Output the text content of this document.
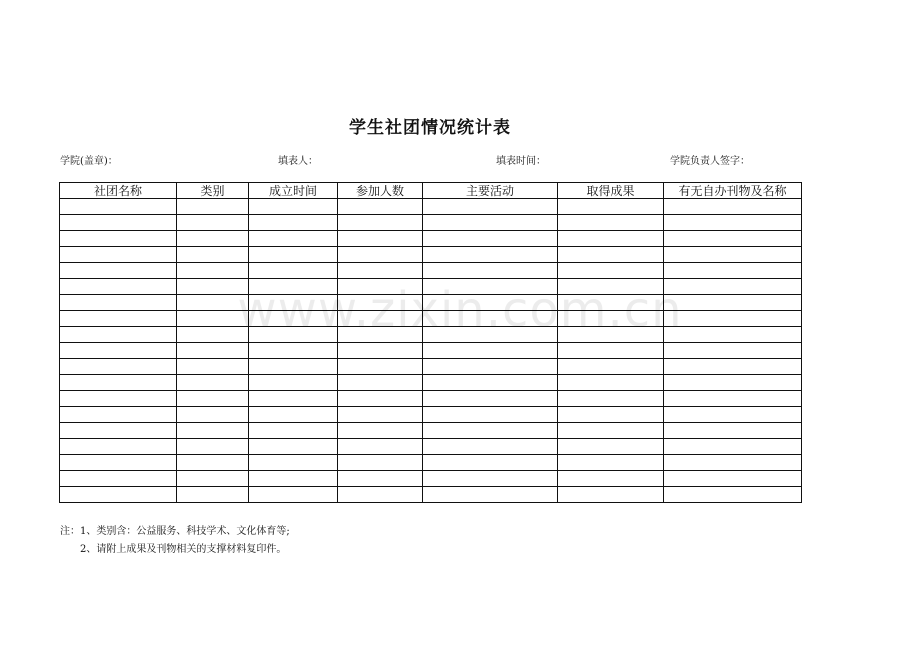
学生社团情况统计表
学院(盖章)：	填表人：	填表时间：	学院负责人签字：
社团名称	类别	成立时间	参加人数	主要活动	取得成果	有无自办刊物及名称

www.zixin.com.cn
注：1、类别含：公益服务、科技学术、文化体育等;
2、请附上成果及刊物相关的支撑材料复印件。
